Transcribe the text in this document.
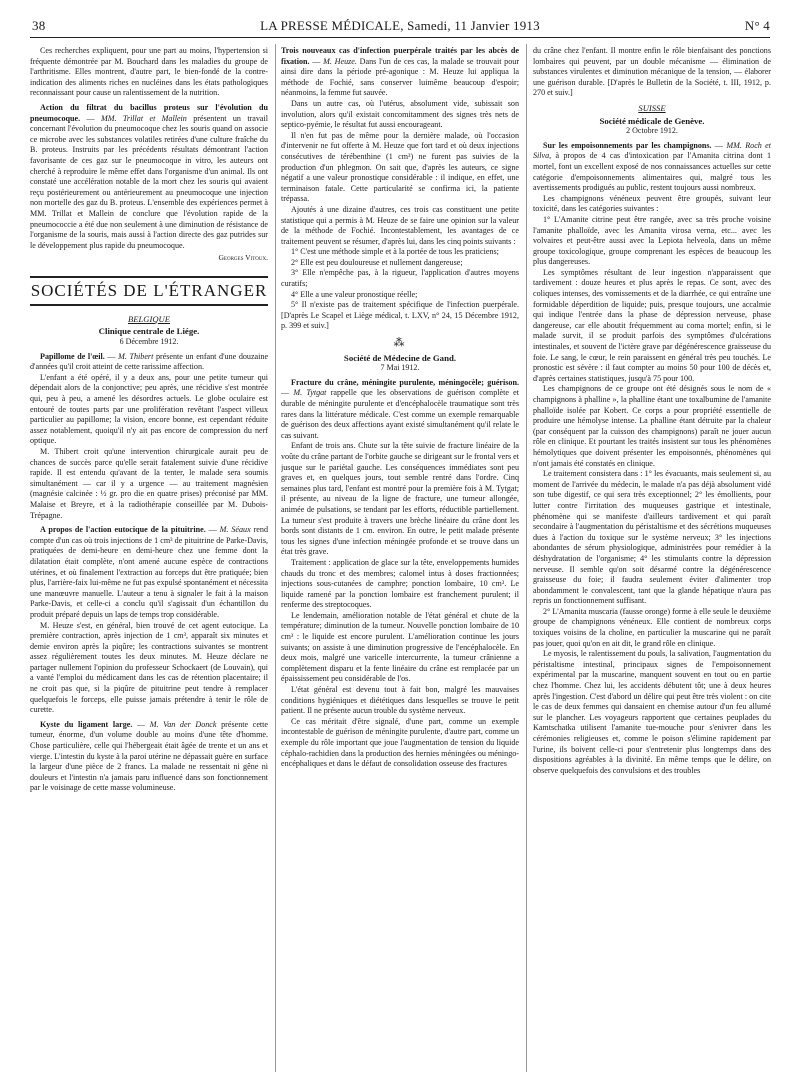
38	LA PRESSE MÉDICALE, Samedi, 11 Janvier 1913	N° 4

Ces recherches expliquent, pour une part au moins, l'hypertension si fréquente démontrée par M. Bouchard dans les maladies du groupe de l'arthritisme. Elles montrent, d'autre part, le bien-fondé de la contre-indication des aliments riches en nucléines dans les états pathologiques reconnaissant pour cause un ralentissement de la nutrition.

Action du filtrat du bacillus proteus sur l'évolution du pneumocoque. — MM. Trillat et Mallein présentent un travail concernant l'évolution du pneumocoque chez les souris quand on associe ce microbe avec les substances volatiles retirées d'une culture fraîche du B. proteus. Instruits par les précédents résultats démontrant l'action favorisante de ces gaz sur le pneumocoque in vitro, les auteurs ont cherché à reproduire le même effet dans l'organisme d'un animal. Ils ont constaté une accélération notable de la mort chez les souris qui avaient reçu postérieurement ou antérieurement au pneumocoque une injection non mortelle des gaz du B. proteus. L'ensemble des expériences permet à MM. Trillat et Mallein de conclure que l'évolution rapide de la pneumococcie a été due non seulement à une diminution de résistance de l'organisme de la souris, mais aussi à l'action directe des gaz putrides sur le développement plus rapide du pneumocoque.

Georges Vitoux.
SOCIÉTÉS DE L'ÉTRANGER
BELGIQUE
Clinique centrale de Liége.
6 Décembre 1912.

Papillome de l'œil. — M. Thibert présente un enfant d'une douzaine d'années qu'il croit atteint de cette rarissime affection.

L'enfant a été opéré, il y a deux ans, pour une petite tumeur qui dépendait alors de la conjonctive; peu après, une récidive s'est montrée qui, peu à peu, a amené les désordres actuels. Le globe oculaire est entouré de toutes parts par une prolifération revêtant l'aspect villeux particulier au papillome; la vision, encore bonne, est cependant réduite assez notablement, quoiqu'il n'y ait pas encore de compression du nerf optique.

M. Thibert croit qu'une intervention chirurgicale aurait peu de chances de succès parce qu'elle serait fatalement suivie d'une récidive rapide. Il est entendu qu'avant de la tenter, le malade sera soumis simultanément — car il y a urgence — au traitement magnésien (magnésie calcinée : ½ gr. pro die en quatre prises) préconisé par MM. Malaise et Breyre, et à la radiothérapie conseillée par M. Dubois-Trépagne.

A propos de l'action eutocique de la pituitrine. — M. Séaux rend compte d'un cas où trois injections de 1 cm³ de pituitrine de Parke-Davis, pratiquées de demi-heure en demi-heure chez une femme dont la dilatation était complète, n'ont amené aucune espèce de contractions utérines, et où finalement l'extraction au forceps dut être pratiquée; bien plus, l'arrière-faix lui-même ne fut pas expulsé spontanément et nécessita une manœuvre manuelle. L'auteur a tenu à signaler le fait à la maison Parke-Davis, et celle-ci a conclu qu'il s'agissait d'un échantillon du produit préparé depuis un laps de temps trop considérable.

M. Heuze s'est, en général, bien trouvé de cet agent eutocique. La première contraction, après injection de 1 cm³, apparaît six minutes et demie environ après la piqûre; les contractions suivantes se montrent assez régulièrement toutes les deux minutes. M. Heuze déclare ne partager nullement l'opinion du professeur Schockaert (de Louvain), qui a vanté l'emploi du médicament dans les cas de rétention placentaire; il ne croit pas que, si la piqûre de pituitrine peut tendre à remplacer quelquefois le forceps, elle puisse jamais prétendre à tenir le rôle de curette.

Kyste du ligament large. — M. Van der Donck présente cette tumeur, énorme, d'un volume double au moins d'une tête d'homme. Chose particulière, celle qui l'hébergeait était âgée de trente et un ans et vierge. L'intestin du kyste à la paroi utérine ne dépassait guère en surface la largeur d'une pièce de 2 francs. La malade ne ressentait ni gêne ni douleurs et l'intestin n'a jamais paru influencé dans son fonctionnement par le voisinage de cette masse volumineuse.

Trois nouveaux cas d'infection puerpérale traités par les abcès de fixation. — M. Heuze. Dans l'un de ces cas, la malade se trouvait pour ainsi dire dans la période pré-agonique : M. Heuze lui appliqua la méthode de Fochié, sans conserver luimême beaucoup d'espoir; néanmoins, la femme fut sauvée.

Dans un autre cas, où l'utérus, absolument vide, subissait son involution, alors qu'il existait concomitamment des signes très nets de septico-pyémie, le résultat fut aussi encourageant.

Il n'en fut pas de même pour la dernière malade, où l'occasion d'intervenir ne fut offerte à M. Heuze que fort tard et où deux injections consécutives de térébenthine (1 cm³) ne furent pas suivies de la production d'un phlegmon. On sait que, d'après les auteurs, ce signe négatif a une valeur pronostique considérable : il indique, en effet, une terminaison fatale. Cette particularité se confirma ici, la patiente trépassa.

Ajoutés à une dizaine d'autres, ces trois cas constituent une petite statistique qui a permis à M. Heuze de se faire une opinion sur la valeur de la méthode de Fochié. Incontestablement, les avantages de ce traitement peuvent se résumer, d'après lui, dans les cinq points suivants :

1° C'est une méthode simple et à la portée de tous les praticiens;

2° Elle est peu douloureuse et nullement dangereuse;

3° Elle n'empêche pas, à la rigueur, l'application d'autres moyens curatifs;

4° Elle a une valeur pronostique réelle;

5° Il n'existe pas de traitement spécifique de l'infection puerpérale. [D'après Le Scapel et Liège médical, t. LXV, n° 24, 15 Décembre 1912, p. 399 et suiv.]

⁂
Société de Médecine de Gand.
7 Mai 1912.

Fracture du crâne, méningite purulente, méningocèle; guérison. — M. Tytgat rappelle que les observations de guérison complète et durable de méningite purulente et d'encéphalocèle traumatique sont très rares dans la littérature médicale. C'est comme un exemple remarquable de guérison des deux affections ayant existé simultanément qu'il relate le cas suivant.

Enfant de trois ans. Chute sur la tête suivie de fracture linéaire de la voûte du crâne partant de l'orbite gauche se dirigeant sur le frontal vers et jusque sur le pariétal gauche. Les conséquences immédiates sont peu graves et, en quelques jours, tout semble rentré dans l'ordre. Cinq semaines plus tard, l'enfant est montré pour la première fois à M. Tytgat; il présente, au niveau de la ligne de fracture, une tumeur allongée, animée de pulsations, se tendant par les efforts, réductible partiellement. La tumeur s'est produite à travers une brèche linéaire du crâne dont les bords sont distants de 1 cm. environ. En outre, le petit malade présente tous les signes d'une infection méningée profonde et se trouve dans un état très grave.

Traitement : application de glace sur la tête, enveloppements humides chauds du tronc et des membres; calomel intus à doses fractionnées; injections sous-cutanées de camphre; ponction lombaire, 10 cm³. Le liquide ramené par la ponction lombaire est franchement purulent; il renferme des streptocoques.

Le lendemain, amélioration notable de l'état général et chute de la température; diminution de la tumeur. Nouvelle ponction lombaire de 10 cm³ : le liquide est encore purulent. L'amélioration continue les jours suivants; on assiste à une diminution progressive de l'encéphalocèle. En deux mois, malgré une varicelle intercurrente, la tumeur crânienne a complètement disparu et la fente linéaire du crâne est remplacée par un épaississement peu considérable de l'os.

L'état général est devenu tout à fait bon, malgré les mauvaises conditions hygiéniques et diététiques dans lesquelles se trouve le petit patient. Il ne présente aucun trouble du système nerveux.

Ce cas méritait d'être signalé, d'une part, comme un exemple incontestable de guérison de méningite purulente, d'autre part, comme un exemple du rôle important que joue l'augmentation de tension du liquide céphalo-rachidien dans la production des hernies méningées ou méningo-encéphaliques et dans le défaut de consolidation osseuse des fractures

du crâne chez l'enfant. Il montre enfin le rôle bienfaisant des ponctions lombaires qui peuvent, par un double mécanisme — élimination de substances virulentes et diminution mécanique de la tension, — élaborer une guérison durable. [D'après le Bulletin de la Société, t. III, 1912, p. 270 et suiv.]

SUISSE
Société médicale de Genève.
2 Octobre 1912.

Sur les empoisonnements par les champignons. — MM. Roch et Silva, à propos de 4 cas d'intoxication par l'Amanita citrina dont 1 mortel, font un excellent exposé de nos connaissances actuelles sur cette catégorie d'empoisonnements alimentaires qui, malgré tous les avertissements prodigués au public, restent toujours aussi nombreux.

Les champignons vénéneux peuvent être groupés, suivant leur toxicité, dans les catégories suivantes :

1° L'Amanite citrine peut être rangée, avec sa très proche voisine l'amanite phalloïde, avec les Amanita virosa verna, etc... avec les volvaires et peut-être aussi avec la Lepiota helveola, dans un même groupe toxicologique, groupe comprenant les espèces de beaucoup les plus dangereuses.

Les symptômes résultant de leur ingestion n'apparaissent que tardivement : douze heures et plus après le repas. Ce sont, avec des coliques intenses, des vomissements et de la diarrhée, ce qui entraîne une formidable déperdition de liquide; puis, presque toujours, une accalmie qui indique l'entrée dans la phase de dépression nerveuse, phase dangereuse, car elle aboutit fréquemment au coma mortel; enfin, si le malade survit, il se produit parfois des symptômes d'ulcérations intestinales, et souvent de l'ictère grave par dégénérescence graisseuse du foie. Le sang, le cœur, le rein paraissent en général très peu touchés. Le pronostic est sévère : il faut compter au moins 50 pour 100 de décès et, d'après certaines statistiques, jusqu'à 75 pour 100.

Les champignons de ce groupe ont été désignés sous le nom de « champignons à phalline », la phalline étant une toxalbumine de l'amanite phalloïde isolée par Kobert. Ce corps a pour propriété essentielle de produire une hémolyse intense. La phalline étant détruite par la chaleur (par conséquent par la cuisson des champignons) paraît ne jouer aucun rôle en clinique. Et pourtant les traités insistent sur tous les phénomènes hémolytiques que doivent présenter les empoisonnés, phénomènes qui n'ont jamais été constatés en clinique.

Le traitement consistera dans : 1° les évacuants, mais seulement si, au moment de l'arrivée du médecin, le malade n'a pas déjà absolument vidé son tube digestif, ce qui sera très exceptionnel; 2° les émollients, pour lutter contre l'irritation des muqueuses gastrique et intestinale, phénomène qui se manifeste d'ailleurs tardivement et qui paraît secondaire à l'augmentation du péristaltisme et des sécrétions muqueuses dues à l'action du toxique sur le système nerveux; 3° les injections abondantes de sérum physiologique, administrées pour remédier à la déshydratation de l'organisme; 4° les stimulants contre la dépression nerveuse. Il semble qu'on soit désarmé contre la dégénérescence graisseuse du foie; il faudra seulement éviter d'alimenter trop abondamment le convalescent, tant que la glande hépatique n'aura pas repris un fonctionnement suffisant.

2° L'Amanita muscaria (fausse oronge) forme à elle seule le deuxième groupe de champignons vénéneux. Elle contient de nombreux corps toxiques voisins de la choline, en particulier la muscarine qui ne paraît pas jouer, quoi qu'on en ait dit, le grand rôle en clinique.

Le myosis, le ralentissement du pouls, la salivation, l'augmentation du péristaltisme intestinal, principaux signes de l'empoisonnement expérimental par la muscarine, manquent souvent en tout ou en partie chez l'homme. Chez lui, les accidents débutent tôt; une à deux heures après l'ingestion. C'est d'abord un délire qui peut être très violent : on cite le cas de deux femmes qui dansaient en chemise autour d'un feu allumé sur le plancher. Les voyageurs rapportent que certaines peuplades du Kamtschatka utilisent l'amanite tue-mouche pour s'enivrer dans les cérémonies religieuses et, comme le poison s'élimine rapidement par l'urine, ils boivent celle-ci pour s'entretenir plus longtemps dans des dispositions agréables à la divinité. En même temps que le délire, on observe quelquefois des convulsions et des troubles
